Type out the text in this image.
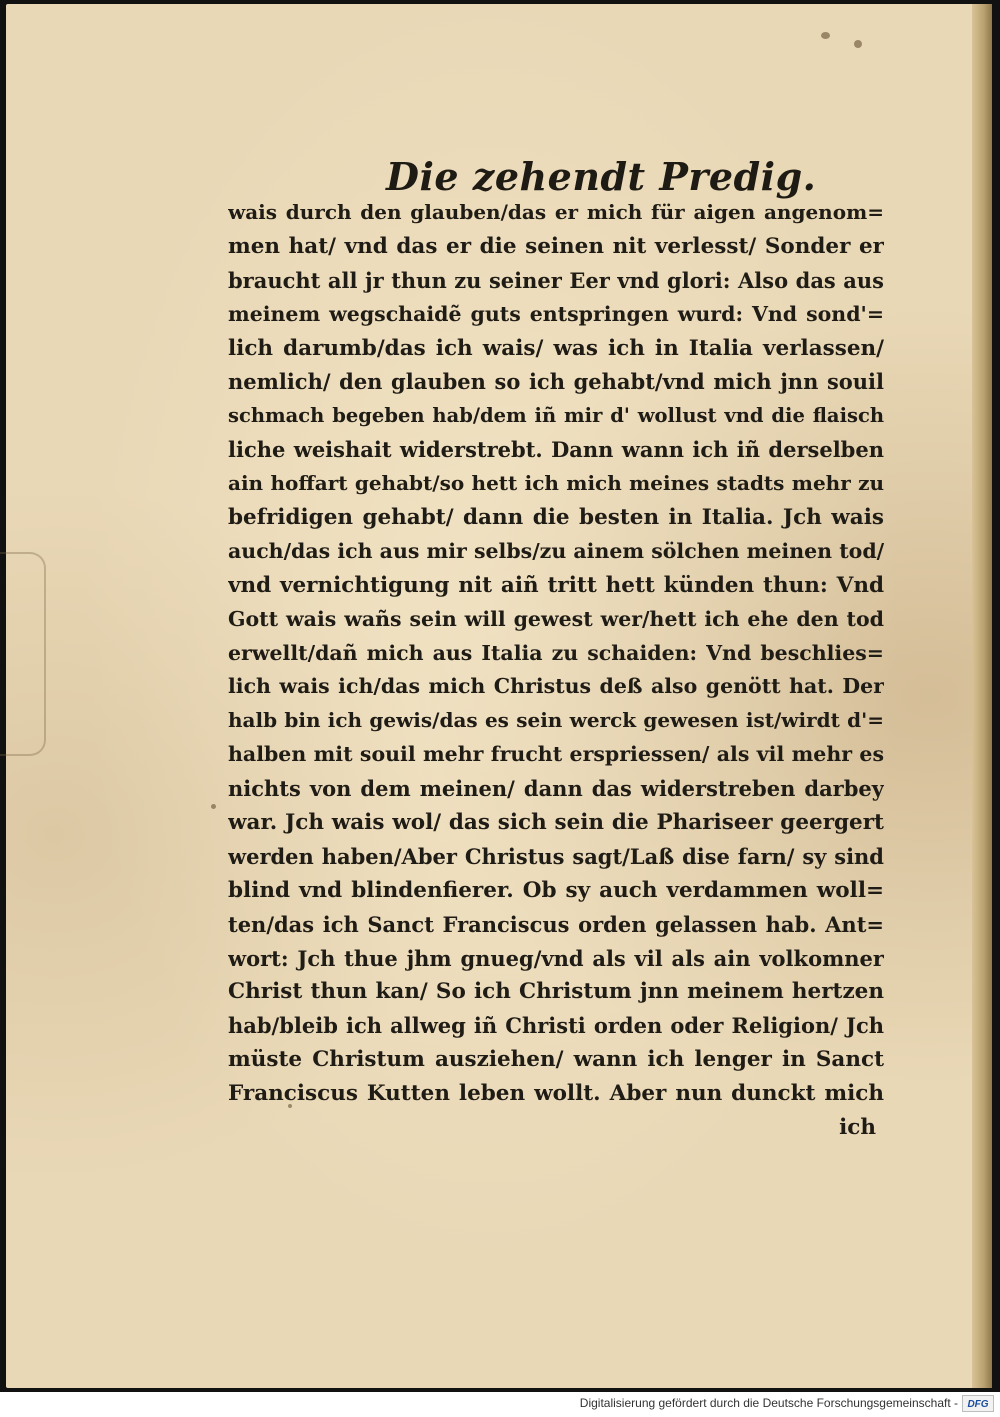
Die zehendt Predig.
wais durch den glauben/das er mich für aigen angenom=
men hat/ vnd das er die seinen nit verlesst/ Sonder er
braucht all jr thun zu seiner Eer vnd glori: Also das aus
meinem wegschaidẽ guts entspringen wurd: Vnd sond'=
lich darumb/das ich wais/ was ich in Italia verlassen/
nemlich/ den glauben so ich gehabt/vnd mich jnn souil
schmach begeben hab/dem iñ mir d' wollust vnd die flaisch
liche weishait widerstrebt. Dann wann ich iñ derselben
ain hoffart gehabt/so hett ich mich meines stadts mehr zu
befridigen gehabt/ dann die besten in Italia. Jch wais
auch/das ich aus mir selbs/zu ainem sölchen meinen tod/
vnd vernichtigung nit aiñ tritt hett künden thun: Vnd
Gott wais wañs sein will gewest wer/hett ich ehe den tod
erwellt/dañ mich aus Italia zu schaiden: Vnd beschlies=
lich wais ich/das mich Christus deß also genött hat. Der
halb bin ich gewis/das es sein werck gewesen ist/wirdt d'=
halben mit souil mehr frucht erspriessen/ als vil mehr es
nichts von dem meinen/ dann das widerstreben darbey
war. Jch wais wol/ das sich sein die Phariseer geergert
werden haben/Aber Christus sagt/Laß dise farn/ sy sind
blind vnd blindenfierer. Ob sy auch verdammen woll=
ten/das ich Sanct Franciscus orden gelassen hab. Ant=
wort: Jch thue jhm gnueg/vnd als vil als ain volkomner
Christ thun kan/ So ich Christum jnn meinem hertzen
hab/bleib ich allweg iñ Christi orden oder Religion/ Jch
müste Christum ausziehen/ wann ich lenger in Sanct
Franciscus Kutten leben wollt. Aber nun dunckt mich
ich
Digitalisierung gefördert durch die Deutsche Forschungsgemeinschaft - DFG
